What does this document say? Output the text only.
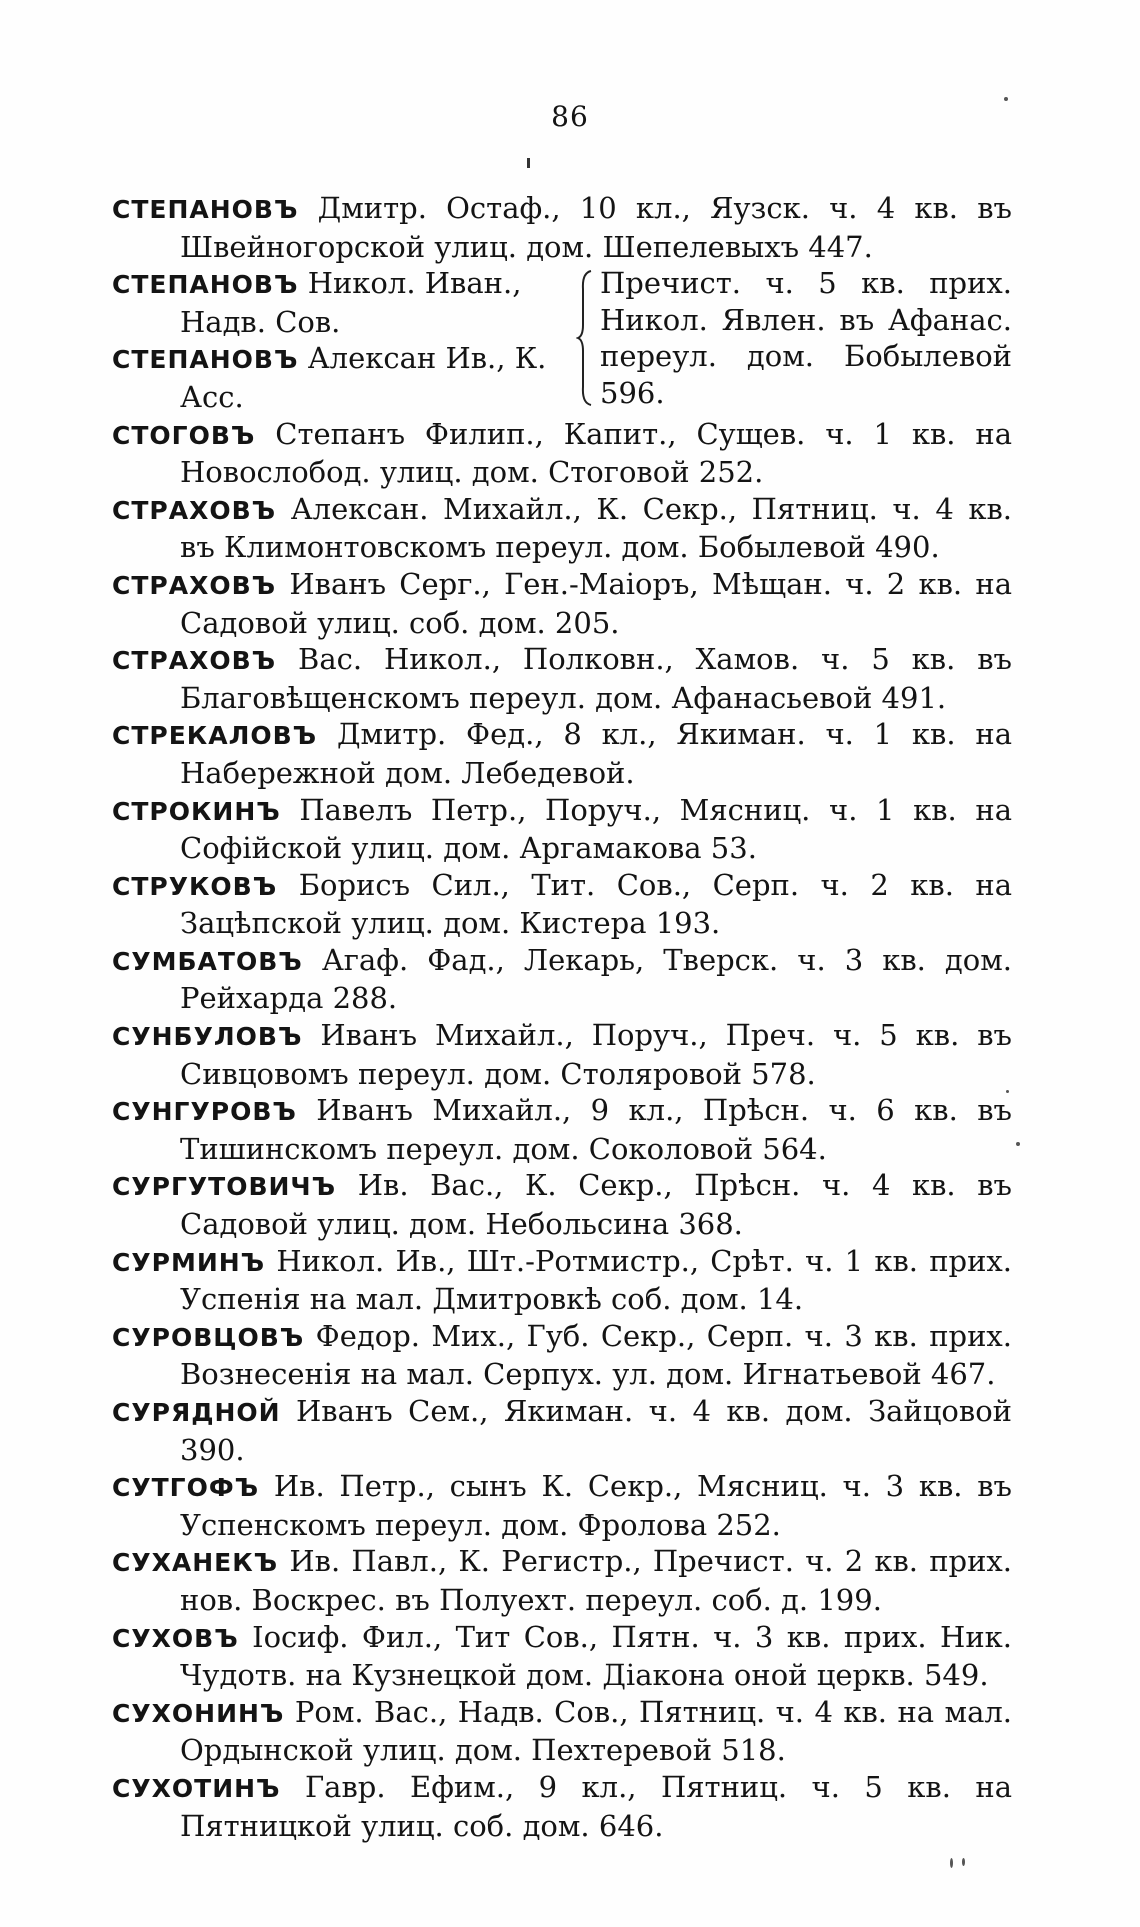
86

СТЕПАНОВЪ Дмитр. Остаф., 10 кл., Яузск. ч. 4 кв. въ Швейногорской улиц. дом. Шепелевыхъ 447.

СТЕПАНОВЪ Никол. Иван., Надв. Сов.

СТЕПАНОВЪ Алексан Ив., К. Асс.

Пречист. ч. 5 кв. прих. Никол. Явлен. въ Афанас. переул. дом. Бобылевой 596.

СТОГОВЪ Степанъ Филип., Капит., Сущев. ч. 1 кв. на Новослобод. улиц. дом. Стоговой 252.

СТРАХОВЪ Алексан. Михайл., К. Секр., Пятниц. ч. 4 кв. въ Климонтовскомъ переул. дом. Бобылевой 490.

СТРАХОВЪ Иванъ Серг., Ген.-Маіоръ, Мѣщан. ч. 2 кв. на Садовой улиц. соб. дом. 205.

СТРАХОВЪ Вас. Никол., Полковн., Хамов. ч. 5 кв. въ Благовѣщенскомъ переул. дом. Афанасьевой 491.

СТРЕКАЛОВЪ Дмитр. Фед., 8 кл., Якиман. ч. 1 кв. на Набережной дом. Лебедевой.

СТРОКИНЪ Павелъ Петр., Поруч., Мясниц. ч. 1 кв. на Софійской улиц. дом. Аргамакова 53.

СТРУКОВЪ Борисъ Сил., Тит. Сов., Серп. ч. 2 кв. на Зацѣпской улиц. дом. Кистера 193.

СУМБАТОВЪ Агаф. Фад., Лекарь, Тверск. ч. 3 кв. дом. Рейхарда 288.

СУНБУЛОВЪ Иванъ Михайл., Поруч., Преч. ч. 5 кв. въ Сивцовомъ переул. дом. Столяровой 578.

СУНГУРОВЪ Иванъ Михайл., 9 кл., Прѣсн. ч. 6 кв. въ Тишинскомъ переул. дом. Соколовой 564.

СУРГУТОВИЧЪ Ив. Вас., К. Секр., Прѣсн. ч. 4 кв. въ Садовой улиц. дом. Небольсина 368.

СУРМИНЪ Никол. Ив., Шт.-Ротмистр., Срѣт. ч. 1 кв. прих. Успенія на мал. Дмитровкѣ соб. дом. 14.

СУРОВЦОВЪ Федор. Мих., Губ. Секр., Серп. ч. 3 кв. прих. Вознесенія на мал. Серпух. ул. дом. Игнатьевой 467.

СУРЯДНОЙ Иванъ Сем., Якиман. ч. 4 кв. дом. Зайцовой 390.

СУТГОФЪ Ив. Петр., сынъ К. Секр., Мясниц. ч. 3 кв. въ Успенскомъ переул. дом. Фролова 252.

СУХАНЕКЪ Ив. Павл., К. Регистр., Пречист. ч. 2 кв. прих. нов. Воскрес. въ Полуехт. переул. соб. д. 199.

СУХОВЪ Іосиф. Фил., Тит Сов., Пятн. ч. 3 кв. прих. Ник. Чудотв. на Кузнецкой дом. Діакона оной церкв. 549.

СУХОНИНЪ Ром. Вас., Надв. Сов., Пятниц. ч. 4 кв. на мал. Ордынской улиц. дом. Пехтеревой 518.

СУХОТИНЪ Гавр. Ефим., 9 кл., Пятниц. ч. 5 кв. на Пятницкой улиц. соб. дом. 646.
